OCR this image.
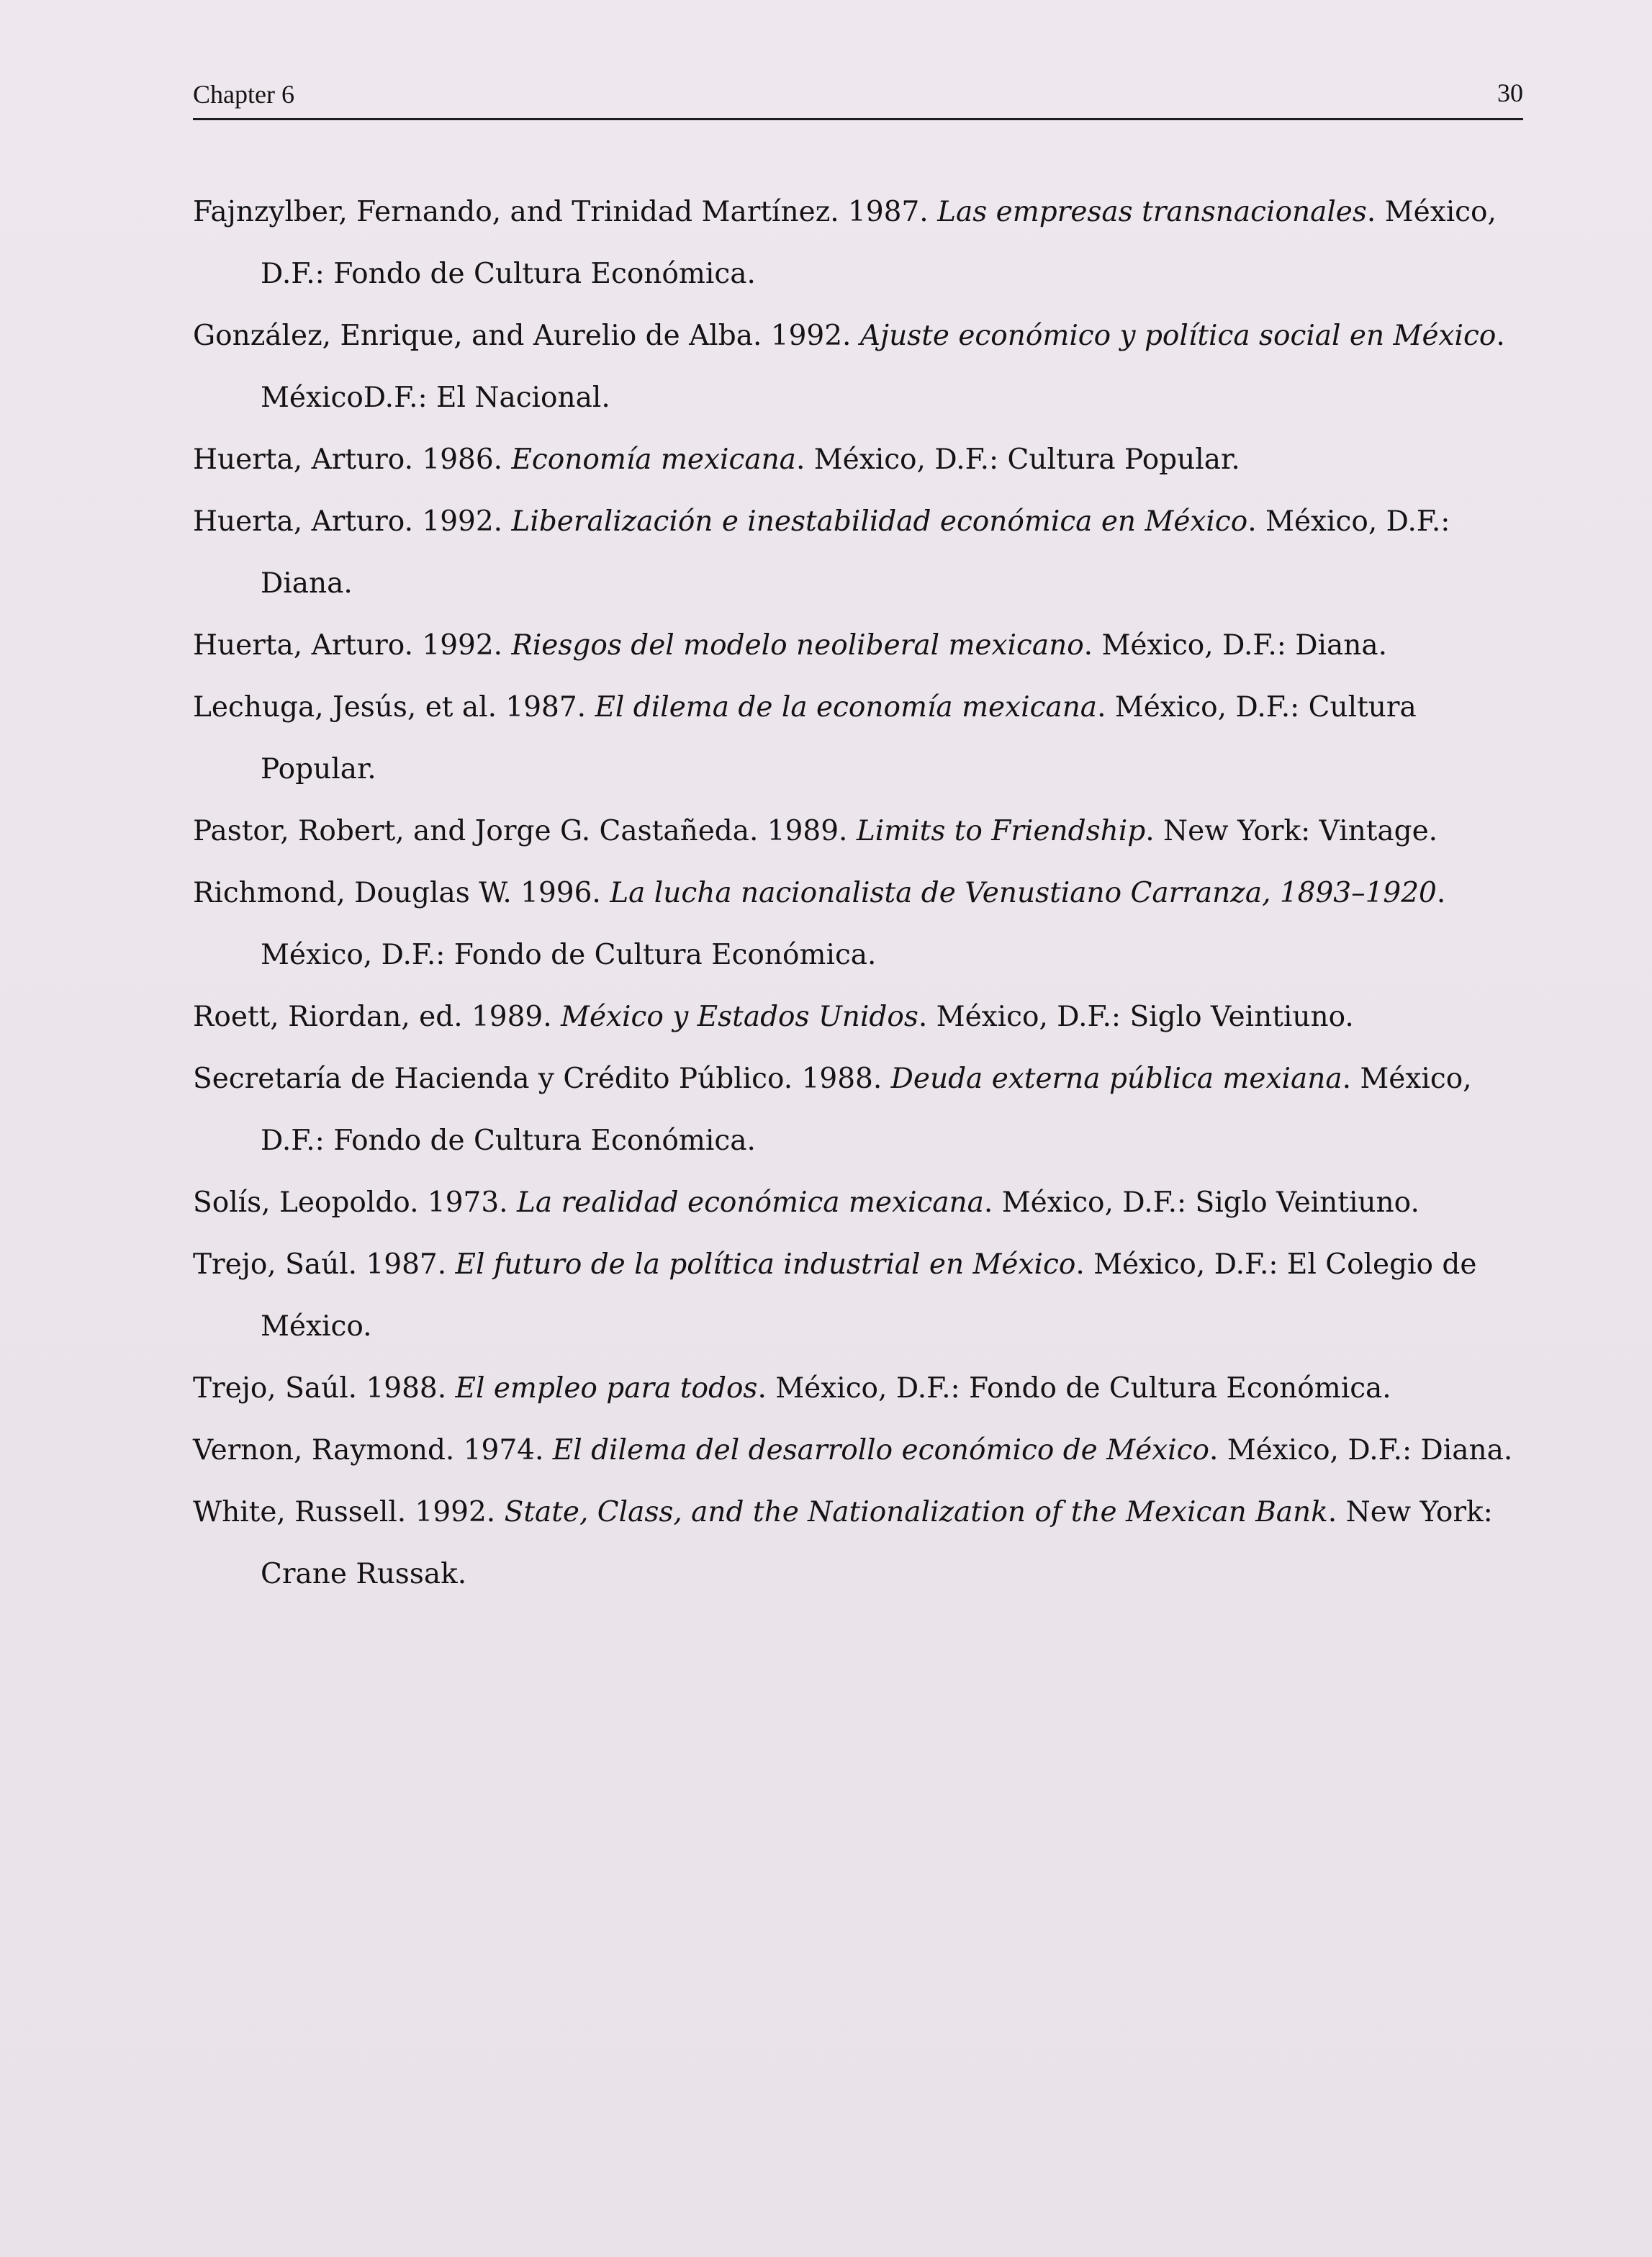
Chapter 6	30
Fajnzylber, Fernando, and Trinidad Martínez. 1987. Las empresas transnacionales. México, D.F.: Fondo de Cultura Económica.
González, Enrique, and Aurelio de Alba. 1992. Ajuste económico y política social en México. MéxicoD.F.: El Nacional.
Huerta, Arturo. 1986. Economía mexicana. México, D.F.: Cultura Popular.
Huerta, Arturo. 1992. Liberalización e inestabilidad económica en México. México, D.F.: Diana.
Huerta, Arturo. 1992. Riesgos del modelo neoliberal mexicano. México, D.F.: Diana.
Lechuga, Jesús, et al. 1987. El dilema de la economía mexicana. México, D.F.: Cultura Popular.
Pastor, Robert, and Jorge G. Castañeda. 1989. Limits to Friendship. New York: Vintage.
Richmond, Douglas W. 1996. La lucha nacionalista de Venustiano Carranza, 1893–1920. México, D.F.: Fondo de Cultura Económica.
Roett, Riordan, ed. 1989. México y Estados Unidos. México, D.F.: Siglo Veintiuno.
Secretaría de Hacienda y Crédito Público. 1988. Deuda externa pública mexiana. México, D.F.: Fondo de Cultura Económica.
Solís, Leopoldo. 1973. La realidad económica mexicana. México, D.F.: Siglo Veintiuno.
Trejo, Saúl. 1987. El futuro de la política industrial en México. México, D.F.: El Colegio de México.
Trejo, Saúl. 1988. El empleo para todos. México, D.F.: Fondo de Cultura Económica.
Vernon, Raymond. 1974. El dilema del desarrollo económico de México. México, D.F.: Diana.
White, Russell. 1992. State, Class, and the Nationalization of the Mexican Bank. New York: Crane Russak.
